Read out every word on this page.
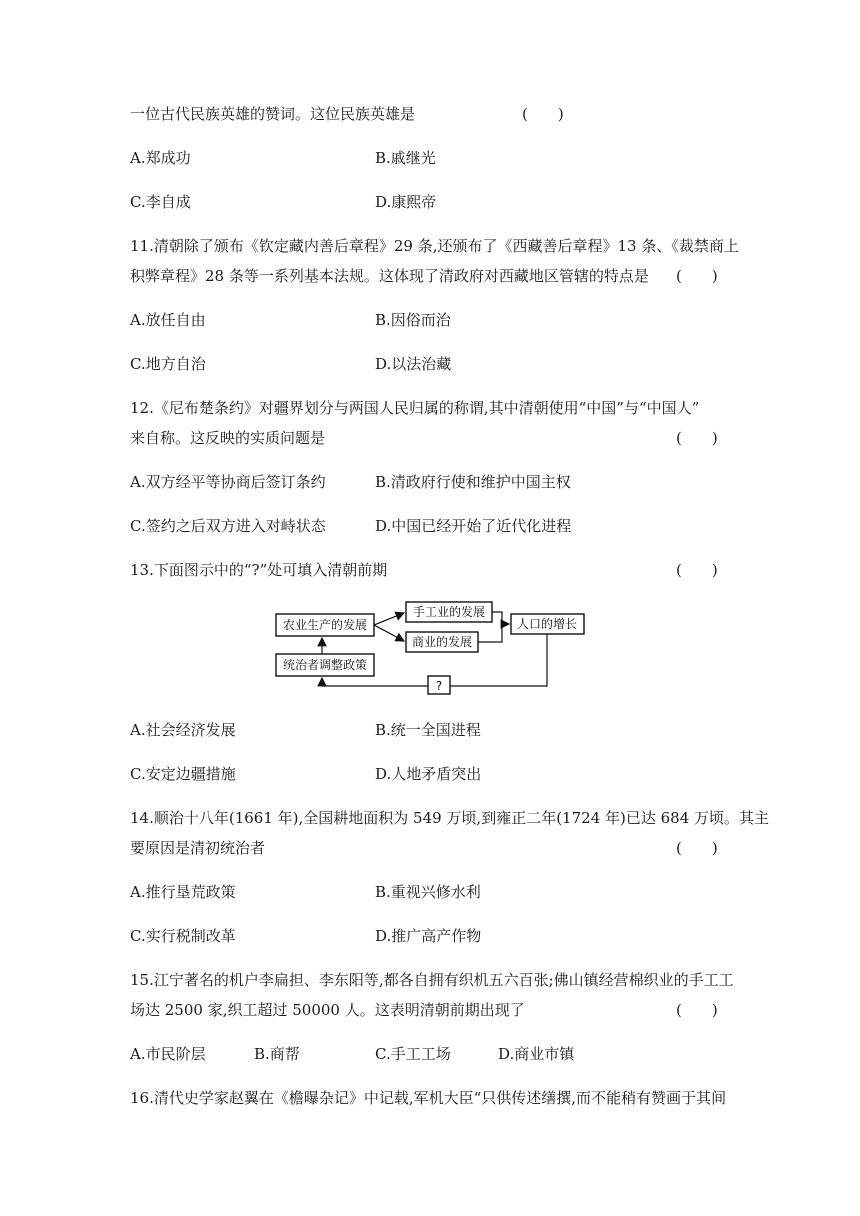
一位古代民族英雄的赞词。这位民族英雄是	(　　)
A.郑成功	B.戚继光
C.李自成	D.康熙帝
11.清朝除了颁布《钦定藏内善后章程》29 条,还颁布了《西藏善后章程》13 条、《裁禁商上
积弊章程》28 条等一系列基本法规。这体现了清政府对西藏地区管辖的特点是 (　　)
A.放任自由	B.因俗而治
C.地方自治	D.以法治藏
12.《尼布楚条约》对疆界划分与两国人民归属的称谓,其中清朝使用“中国”与“中国人”
来自称。这反映的实质问题是	(　　)
A.双方经平等协商后签订条约	B.清政府行使和维护中国主权
C.签约之后双方进入对峙状态	D.中国已经开始了近代化进程
13.下面图示中的“?”处可填入清朝前期	(　　)
农业生产的发展
手工业的发展
商业的发展
人口的增长
统治者调整政策
?
A.社会经济发展	B.统一全国进程
C.安定边疆措施	D.人地矛盾突出
14.顺治十八年(1661 年),全国耕地面积为 549 万顷,到雍正二年(1724 年)已达 684 万顷。其主
要原因是清初统治者	(　　)
A.推行垦荒政策	B.重视兴修水利
C.实行税制改革	D.推广高产作物
15.江宁著名的机户李扁担、李东阳等,都各自拥有织机五六百张;佛山镇经营棉织业的手工工
场达 2500 家,织工超过 50000 人。这表明清朝前期出现了	(　　)
A.市民阶层	B.商帮	C.手工工场	D.商业市镇
16.清代史学家赵翼在《檐曝杂记》中记载,军机大臣“只供传述缮撰,而不能稍有赞画于其间
